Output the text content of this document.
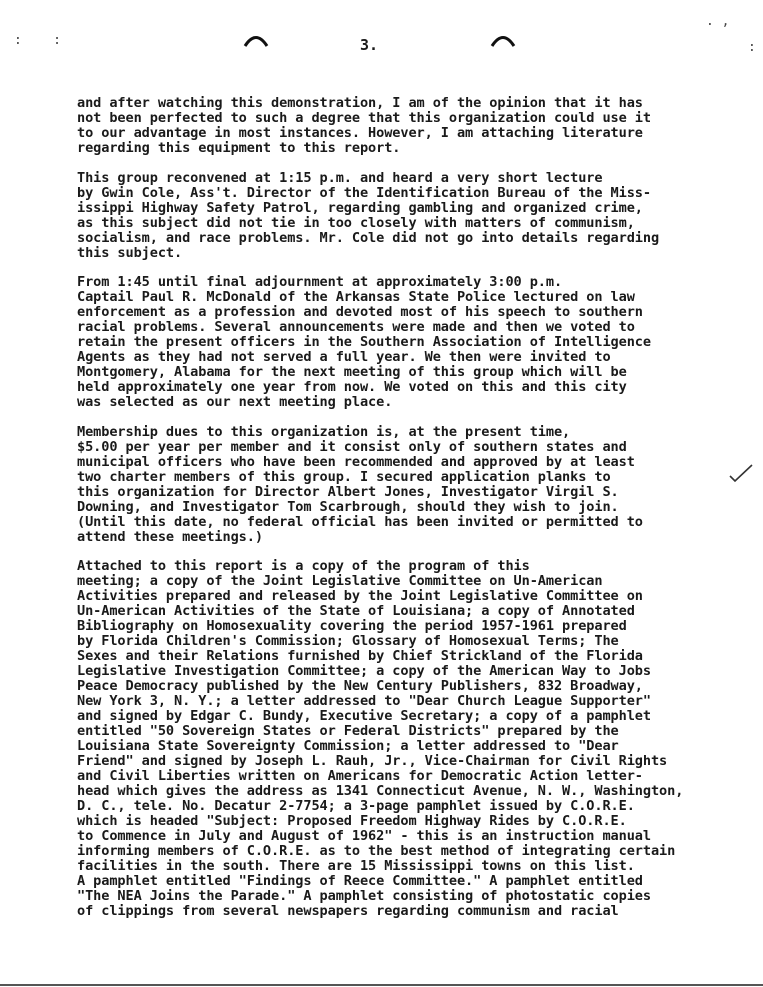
:    :
. ,
:
3.

and after watching this demonstration, I am of the opinion that it has
not been perfected to such a degree that this organization could use it
to our advantage in most instances. However, I am attaching literature
regarding this equipment to this report.

This group reconvened at 1:15 p.m. and heard a very short lecture
by Gwin Cole, Ass't. Director of the Identification Bureau of the Miss-
issippi Highway Safety Patrol, regarding gambling and organized crime,
as this subject did not tie in too closely with matters of communism,
socialism, and race problems. Mr. Cole did not go into details regarding
this subject.

From 1:45 until final adjournment at approximately 3:00 p.m.
Captail Paul R. McDonald of the Arkansas State Police lectured on law
enforcement as a profession and devoted most of his speech to southern
racial problems. Several announcements were made and then we voted to
retain the present officers in the Southern Association of Intelligence
Agents as they had not served a full year. We then were invited to
Montgomery, Alabama for the next meeting of this group which will be
held approximately one year from now. We voted on this and this city
was selected as our next meeting place.

Membership dues to this organization is, at the present time,
$5.00 per year per member and it consist only of southern states and
municipal officers who have been recommended and approved by at least
two charter members of this group. I secured application planks to
this organization for Director Albert Jones, Investigator Virgil S.
Downing, and Investigator Tom Scarbrough, should they wish to join.
(Until this date, no federal official has been invited or permitted to
attend these meetings.)

Attached to this report is a copy of the program of this
meeting; a copy of the Joint Legislative Committee on Un-American
Activities prepared and released by the Joint Legislative Committee on
Un-American Activities of the State of Louisiana; a copy of Annotated
Bibliography on Homosexuality covering the period 1957-1961 prepared
by Florida Children's Commission; Glossary of Homosexual Terms; The
Sexes and their Relations furnished by Chief Strickland of the Florida
Legislative Investigation Committee; a copy of the American Way to Jobs
Peace Democracy published by the New Century Publishers, 832 Broadway,
New York 3, N. Y.; a letter addressed to "Dear Church League Supporter"
and signed by Edgar C. Bundy, Executive Secretary; a copy of a pamphlet
entitled "50 Sovereign States or Federal Districts" prepared by the
Louisiana State Sovereignty Commission; a letter addressed to "Dear
Friend" and signed by Joseph L. Rauh, Jr., Vice-Chairman for Civil Rights
and Civil Liberties written on Americans for Democratic Action letter-
head which gives the address as 1341 Connecticut Avenue, N. W., Washington,
D. C., tele. No. Decatur 2-7754; a 3-page pamphlet issued by C.O.R.E.
which is headed "Subject: Proposed Freedom Highway Rides by C.O.R.E.
to Commence in July and August of 1962" - this is an instruction manual
informing members of C.O.R.E. as to the best method of integrating certain
facilities in the south. There are 15 Mississippi towns on this list.
A pamphlet entitled "Findings of Reece Committee." A pamphlet entitled
"The NEA Joins the Parade." A pamphlet consisting of photostatic copies
of clippings from several newspapers regarding communism and racial
